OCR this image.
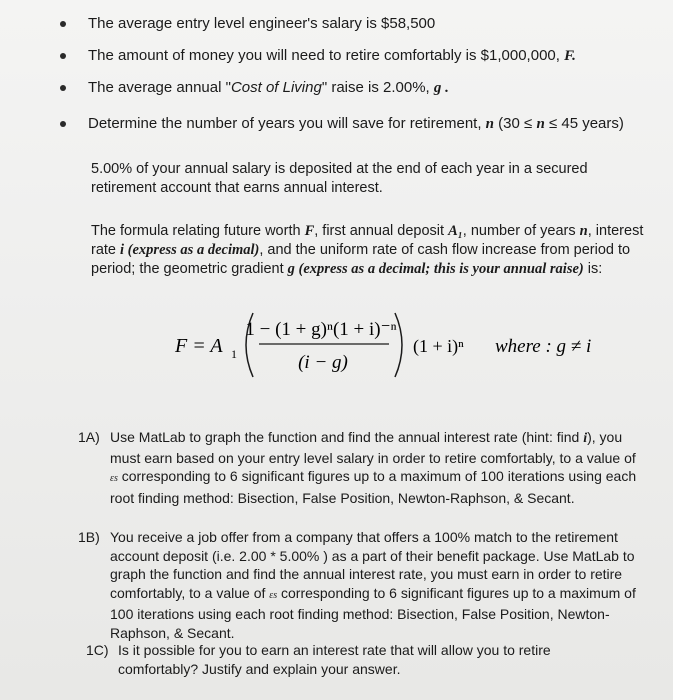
The average entry level engineer's salary is $58,500
The amount of money you will need to retire comfortably is $1,000,000, F.
The average annual "Cost of Living" raise is 2.00%, g .
Determine the number of years you will save for retirement, n (30 ≤ n ≤ 45 years)
5.00% of your annual salary is deposited at the end of each year in a secured retirement account that earns annual interest.
The formula relating future worth F, first annual deposit A₁, number of years n, interest rate i (express as a decimal), and the uniform rate of cash flow increase from period to period; the geometric gradient g (express as a decimal; this is your annual raise) is:
F = A 1
1 − (1 + g)ⁿ(1 + i)⁻ⁿ
(i − g)
(1 + i)ⁿ where : g ≠ i
1A) Use MatLab to graph the function and find the annual interest rate (hint: find i), you must earn based on your entry level salary in order to retire comfortably, to a value of εs corresponding to 6 significant figures up to a maximum of 100 iterations using each root finding method: Bisection, False Position, Newton-Raphson, & Secant.
1B) You receive a job offer from a company that offers a 100% match to the retirement account deposit (i.e. 2.00 * 5.00% ) as a part of their benefit package. Use MatLab to graph the function and find the annual interest rate, you must earn in order to retire comfortably, to a value of εs corresponding to 6 significant figures up to a maximum of 100 iterations using each root finding method: Bisection, False Position, Newton-Raphson, & Secant.
1C) Is it possible for you to earn an interest rate that will allow you to retire comfortably? Justify and explain your answer.
